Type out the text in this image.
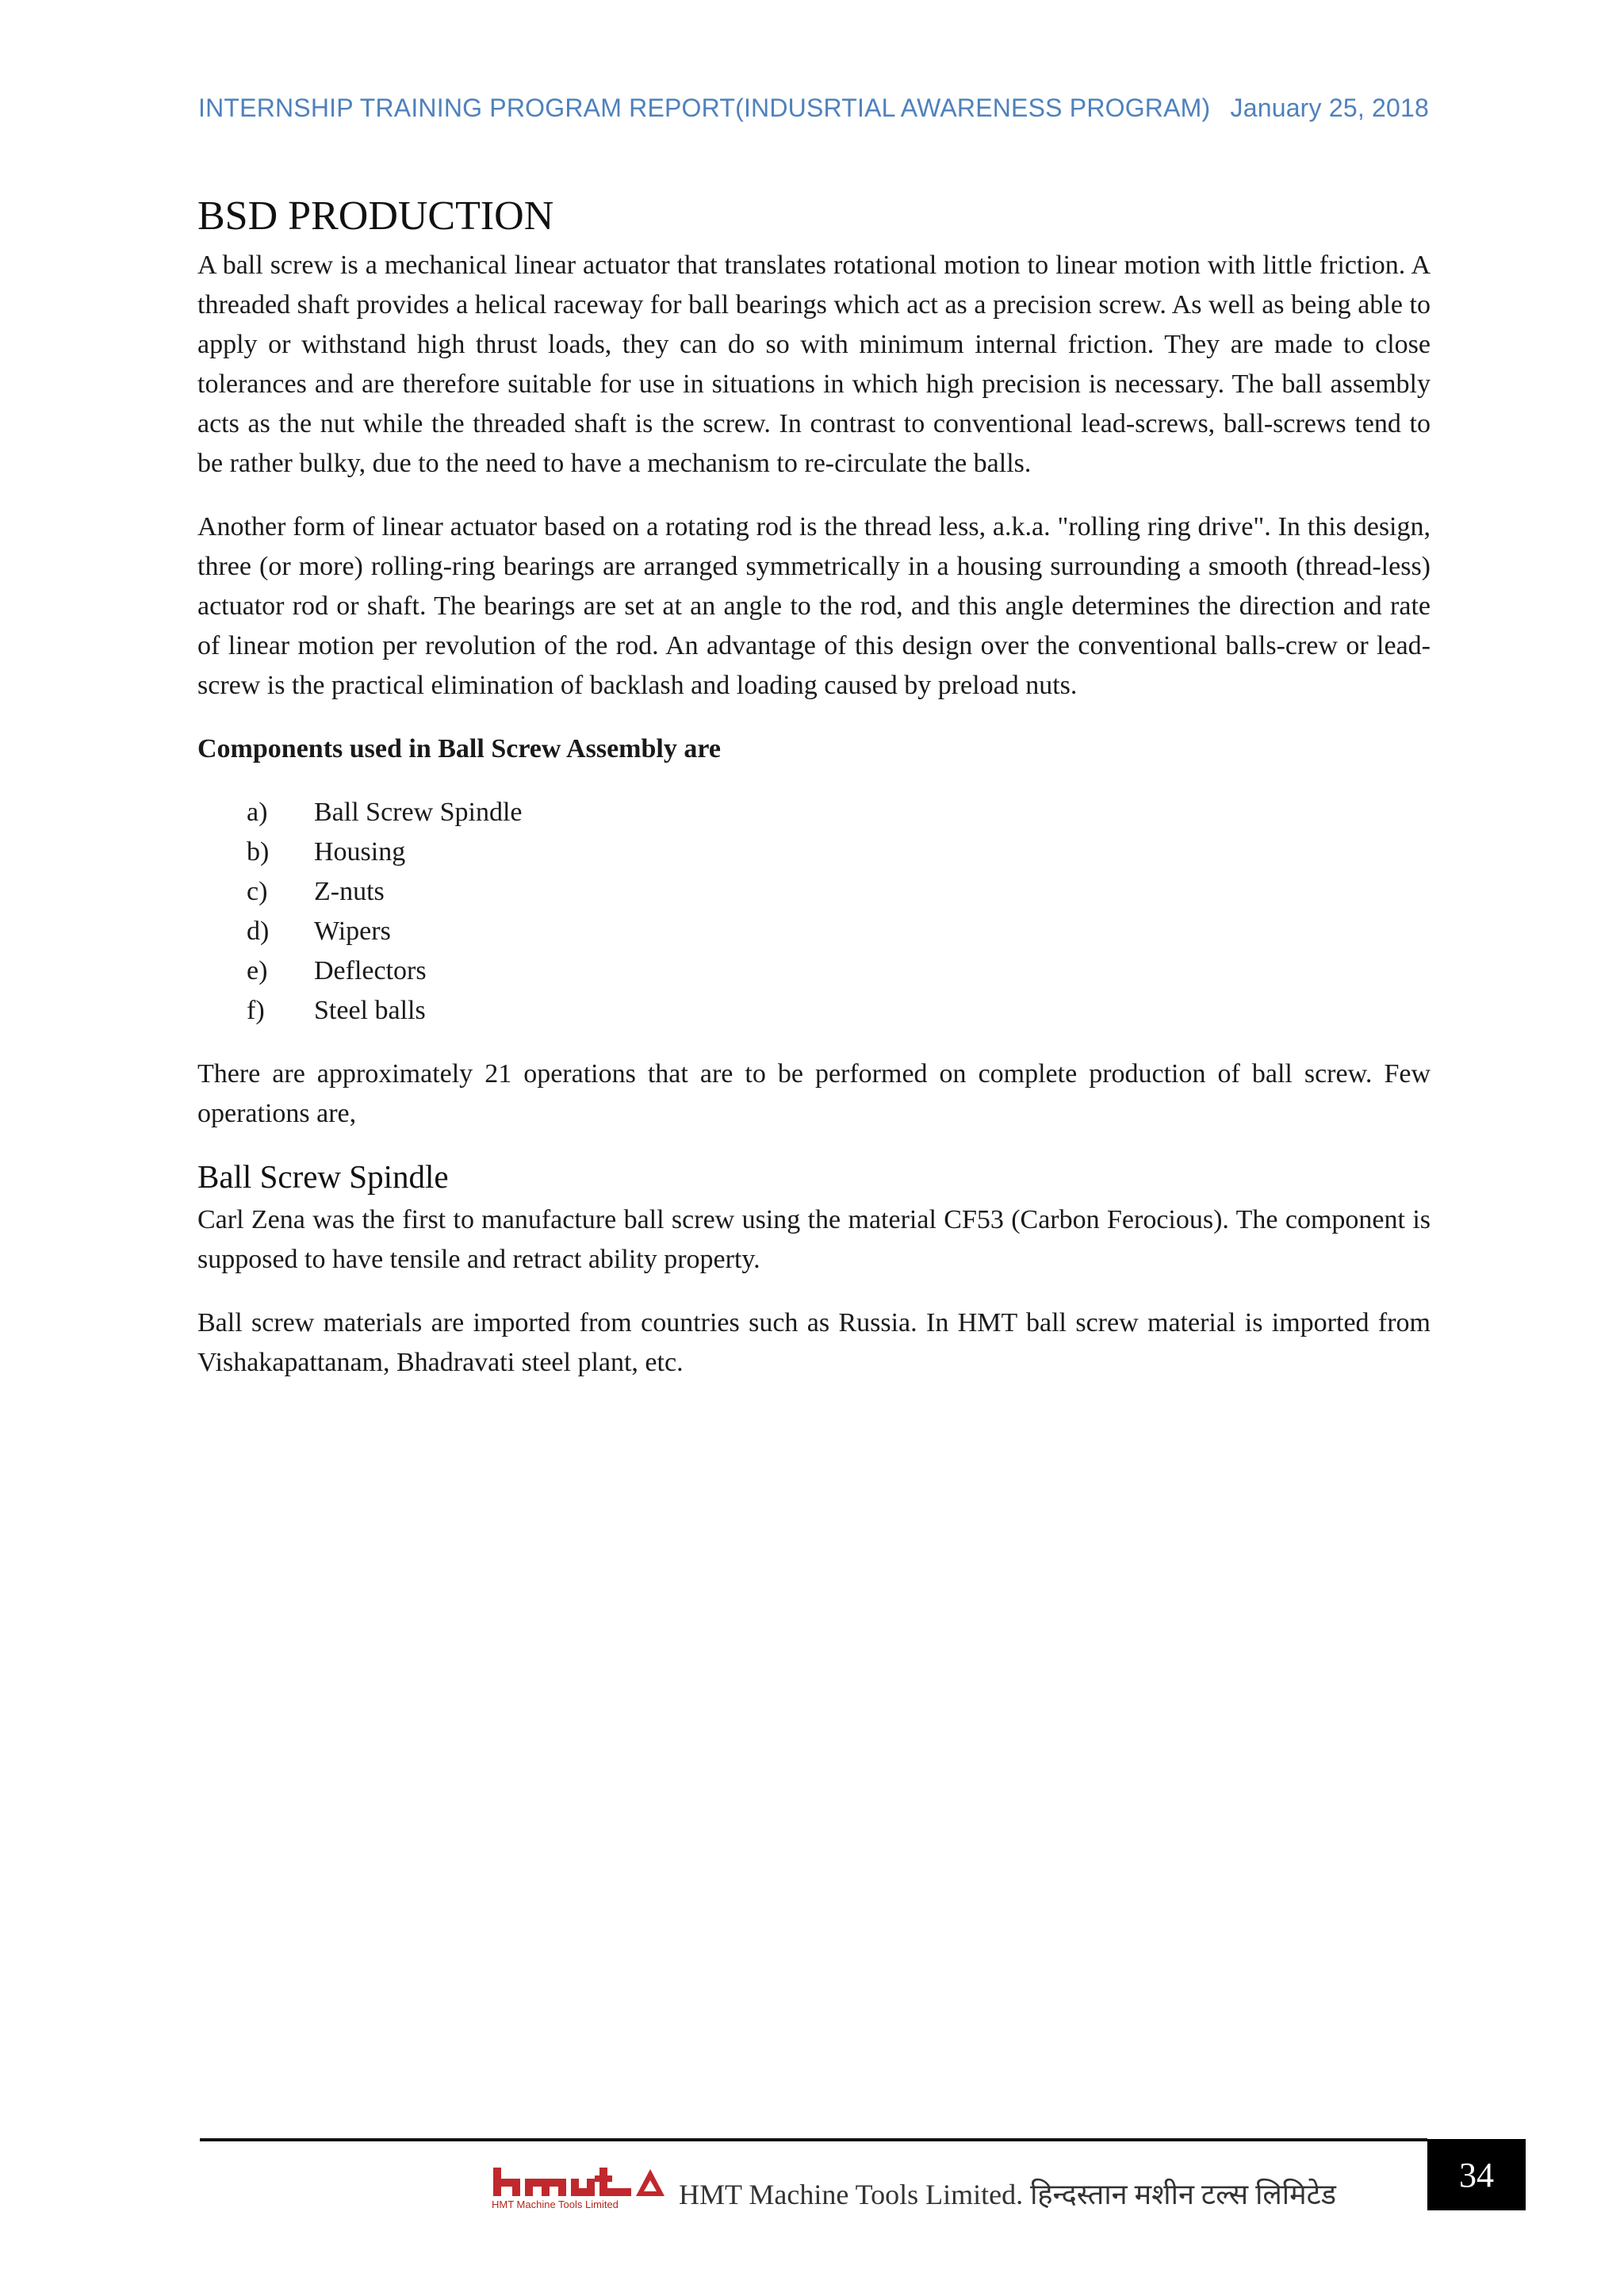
INTERNSHIP TRAINING PROGRAM REPORT(INDUSRTIAL AWARENESS PROGRAM) January 25, 2018
BSD PRODUCTION

A ball screw is a mechanical linear actuator that translates rotational motion to linear motion with little friction. A threaded shaft provides a helical raceway for ball bearings which act as a precision screw. As well as being able to apply or withstand high thrust loads, they can do so with minimum internal friction. They are made to close tolerances and are therefore suitable for use in situations in which high precision is necessary. The ball assembly acts as the nut while the threaded shaft is the screw. In contrast to conventional lead-screws, ball-screws tend to be rather bulky, due to the need to have a mechanism to re-circulate the balls.

Another form of linear actuator based on a rotating rod is the thread less, a.k.a. "rolling ring drive". In this design, three (or more) rolling-ring bearings are arranged symmetrically in a housing surrounding a smooth (thread-less) actuator rod or shaft. The bearings are set at an angle to the rod, and this angle determines the direction and rate of linear motion per revolution of the rod. An advantage of this design over the conventional balls-crew or lead-screw is the practical elimination of backlash and loading caused by preload nuts.

Components used in Ball Screw Assembly are
a)	Ball Screw Spindle
b)	Housing
c)	Z-nuts
d)	Wipers
e)	Deflectors
f)	Steel balls

There are approximately 21 operations that are to be performed on complete production of ball screw. Few operations are,

Ball Screw Spindle

Carl Zena was the first to manufacture ball screw using the material CF53 (Carbon Ferocious). The component is supposed to have tensile and retract ability property.

Ball screw materials are imported from countries such as Russia. In HMT ball screw material is imported from Vishakapattanam, Bhadravati steel plant, etc.

HMT Machine Tools Limited	HMT Machine Tools Limited. हिन्दस्तान मशीन टल्स लिमिटेड
34
